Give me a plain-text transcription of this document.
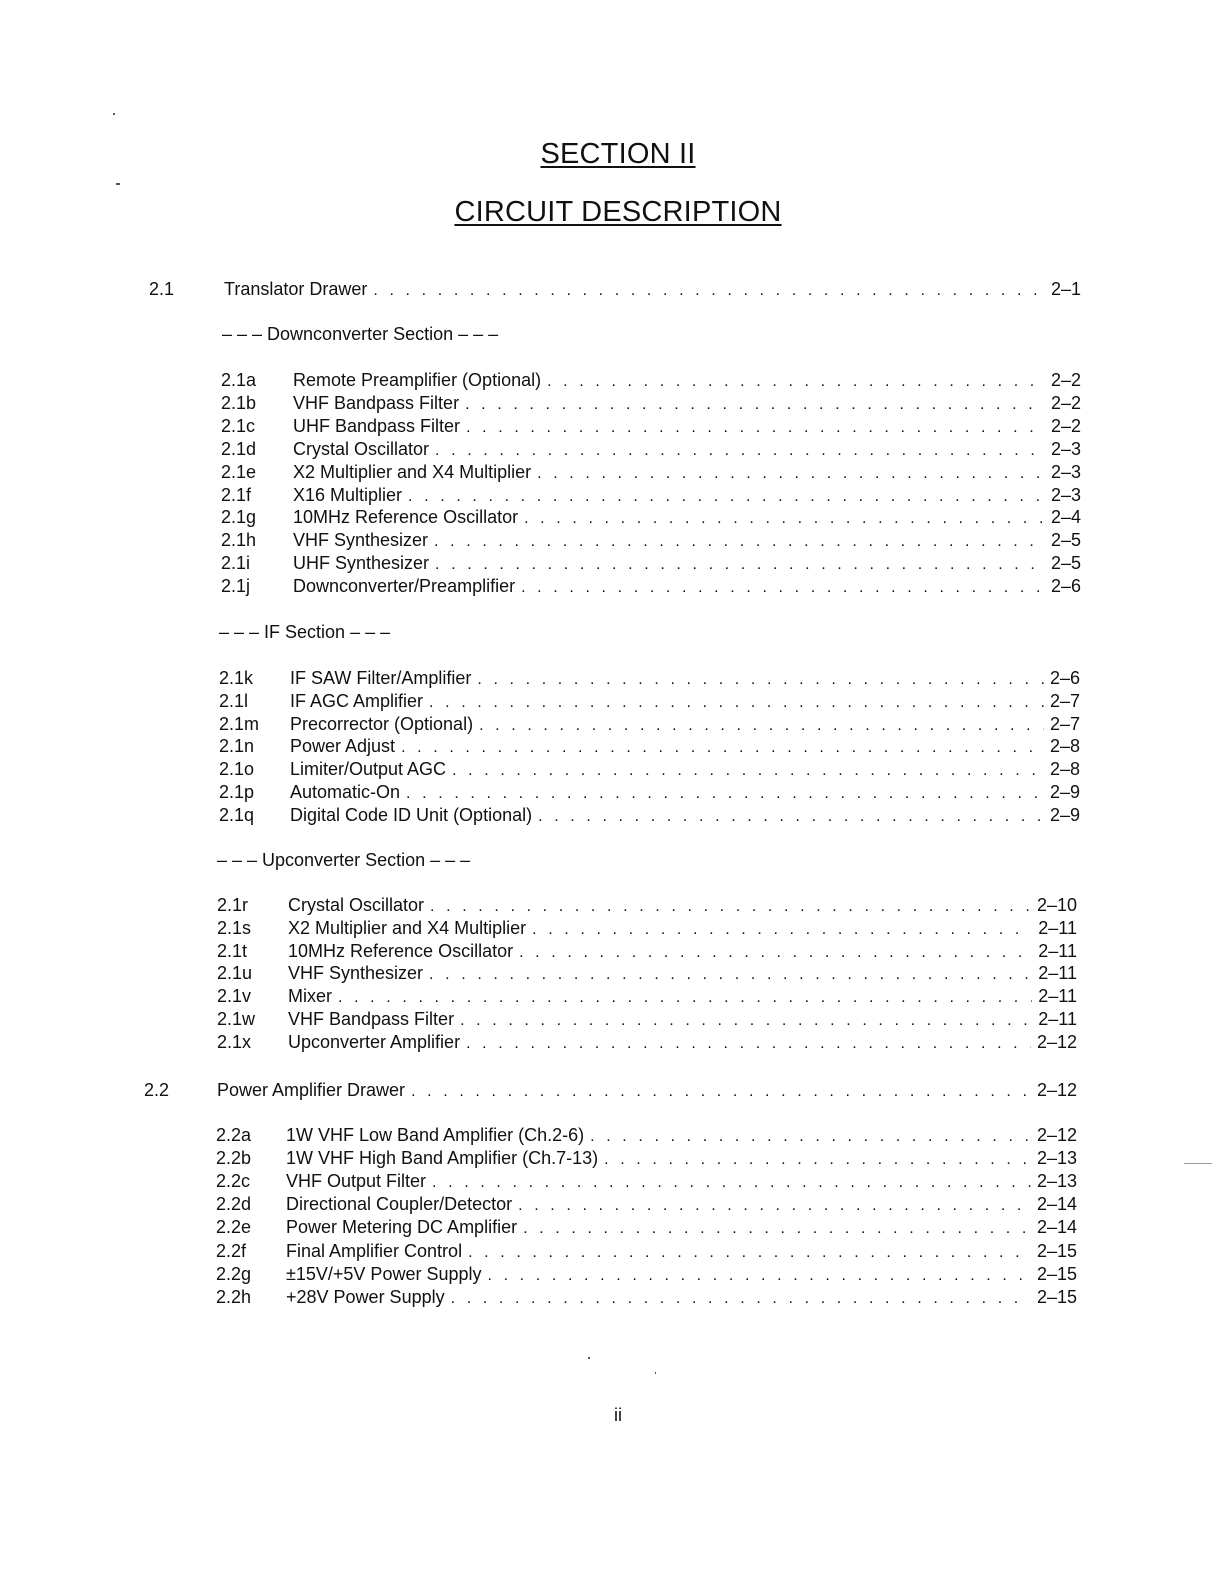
SECTION II
CIRCUIT DESCRIPTION
2.1	Translator Drawer . . .	2–1
– – – Downconverter Section – – –
2.1a	Remote Preamplifier (Optional) . . .	2–2
2.1b	VHF Bandpass Filter . . .	2–2
2.1c	UHF Bandpass Filter . . .	2–2
2.1d	Crystal Oscillator . . .	2–3
2.1e	X2 Multiplier and X4 Multiplier . . .	2–3
2.1f	X16 Multiplier . . .	2–3
2.1g	10MHz Reference Oscillator . . .	2–4
2.1h	VHF Synthesizer . . .	2–5
2.1i	UHF Synthesizer . . .	2–5
2.1j	Downconverter/Preamplifier . . .	2–6
– – – IF Section – – –
2.1k	IF SAW Filter/Amplifier . . .	2–6
2.1l	IF AGC Amplifier . . .	2–7
2.1m	Precorrector (Optional) . . .	2–7
2.1n	Power Adjust . . .	2–8
2.1o	Limiter/Output AGC . . .	2–8
2.1p	Automatic-On . . .	2–9
2.1q	Digital Code ID Unit (Optional) . . .	2–9
– – – Upconverter Section – – –
2.1r	Crystal Oscillator . . .	2–10
2.1s	X2 Multiplier and X4 Multiplier . . .	2–11
2.1t	10MHz Reference Oscillator . . .	2–11
2.1u	VHF Synthesizer . . .	2–11
2.1v	Mixer . . .	2–11
2.1w	VHF Bandpass Filter . . .	2–11
2.1x	Upconverter Amplifier . . .	2–12
2.2	Power Amplifier Drawer . . .	2–12
2.2a	1W VHF Low Band Amplifier (Ch.2-6) . . .	2–12
2.2b	1W VHF High Band Amplifier (Ch.7-13) . . .	2–13
2.2c	VHF Output Filter . . .	2–13
2.2d	Directional Coupler/Detector . . .	2–14
2.2e	Power Metering DC Amplifier . . .	2–14
2.2f	Final Amplifier Control . . .	2–15
2.2g	±15V/+5V Power Supply . . .	2–15
2.2h	+28V Power Supply . . .	2–15
ii
